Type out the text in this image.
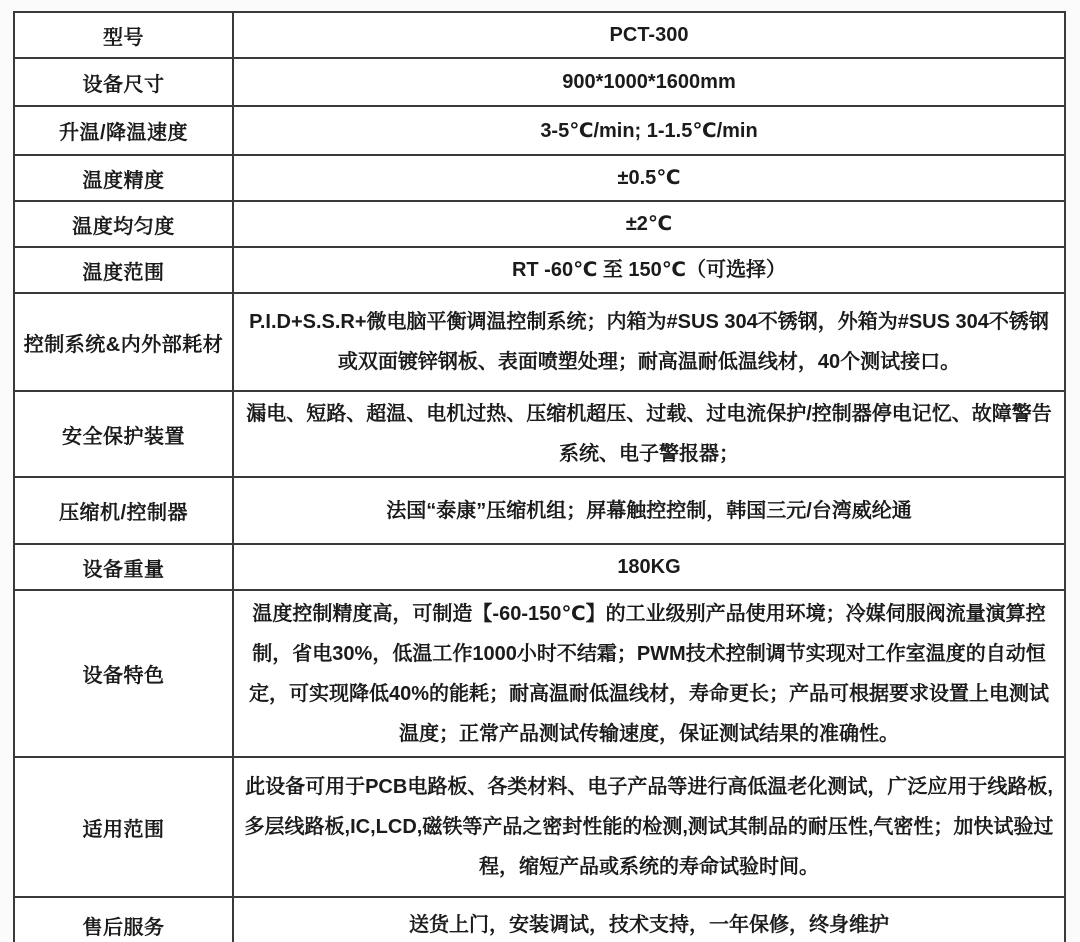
型号	PCT-300
设备尺寸	900*1000*1600mm
升温/降温速度	3-5℃/min; 1-1.5℃/min
温度精度	±0.5℃
温度均匀度	±2℃
温度范围	RT -60℃ 至 150℃（可选择）
控制系统&内外部耗材	P.I.D+S.S.R+微电脑平衡调温控制系统；内箱为#SUS 304不锈钢，外箱为#SUS 304不锈钢或双面镀锌钢板、表面喷塑处理；耐高温耐低温线材，40个测试接口。
安全保护装置	漏电、短路、超温、电机过热、压缩机超压、过载、过电流保护/控制器停电记忆、故障警告系统、电子警报器；
压缩机/控制器	法国“泰康”压缩机组；屏幕触控控制，韩国三元/台湾威纶通
设备重量	180KG
设备特色	温度控制精度高，可制造【-60-150℃】的工业级别产品使用环境；冷媒伺服阀流量演算控制，省电30%，低温工作1000小时不结霜；PWM技术控制调节实现对工作室温度的自动恒定，可实现降低40%的能耗；耐高温耐低温线材，寿命更长；产品可根据要求设置上电测试温度；正常产品测试传输速度，保证测试结果的准确性。
适用范围	此设备可用于PCB电路板、各类材料、电子产品等进行高低温老化测试，广泛应用于线路板,多层线路板,IC,LCD,磁铁等产品之密封性能的检测,测试其制品的耐压性,气密性；加快试验过程，缩短产品或系统的寿命试验时间。
售后服务	送货上门，安装调试，技术支持，一年保修，终身维护
